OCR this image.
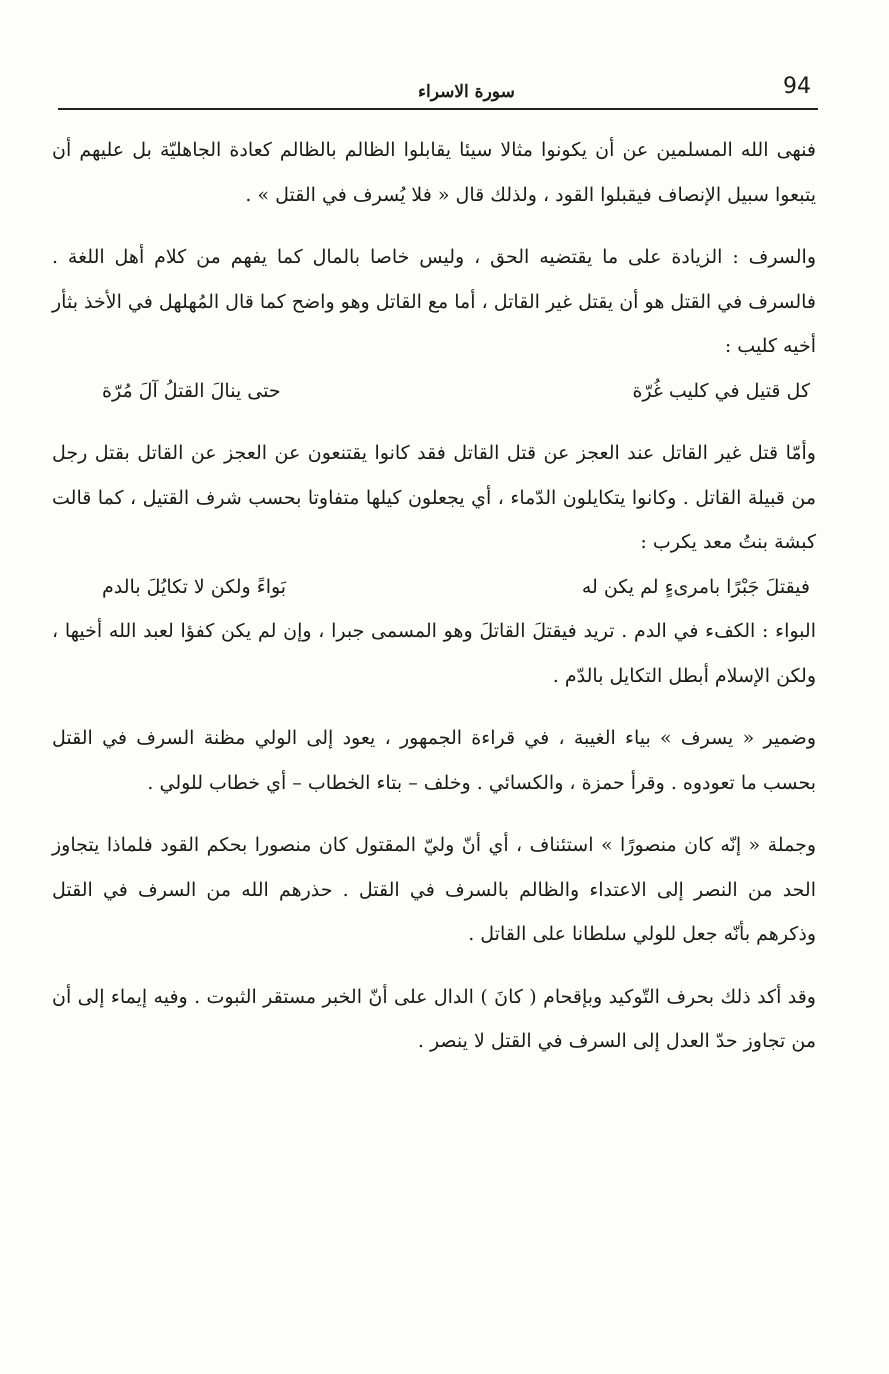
94
سورة الاسراء

فنهى الله المسلمين عن أن يكونوا مثالا سيئا يقابلوا الظالم بالظالم كعادة الجاهليّة بل عليهم أن يتبعوا سبيل الإنصاف فيقبلوا القود ، ولذلك قال « فلا يُسرف في القتل » .

والسرف : الزيادة على ما يقتضيه الحق ، وليس خاصا بالمال كما يفهم من كلام أهل اللغة . فالسرف في القتل هو أن يقتل غير القاتل ، أما مع القاتل وهو واضح كما قال المُهلهل في الأخذ بثأر أخيه كليب :

كل قتيل في كليب غُرّة
حتى ينالَ القتلُ آلَ مُرّة

وأمّا قتل غير القاتل عند العجز عن قتل القاتل فقد كانوا يقتنعون عن العجز عن القاتل بقتل رجل من قبيلة القاتل . وكانوا يتكايلون الدّماء ، أي يجعلون كيلها متفاوتا بحسب شرف القتيل ، كما قالت كبشة بنتُ معد يكرب :

فيقتلَ جَبْرًا بامرىءٍ لم يكن له
بَواءً ولكن لا تكايُلَ بالدم

البواء : الكفء في الدم . تريد فيقتلَ القاتلَ وهو المسمى جبرا ، وإن لم يكن كفؤا لعبد الله أخيها ، ولكن الإسلام أبطل التكايل بالدّم .

وضمير « يسرف » بياء الغيبة ، في قراءة الجمهور ، يعود إلى الولي مظنة السرف في القتل بحسب ما تعودوه . وقرأ حمزة ، والكسائي . وخلف – بتاء الخطاب – أي خطاب للولي .

وجملة « إنّه كان منصورًا » استئناف ، أي أنّ وليّ المقتول كان منصورا بحكم القود فلماذا يتجاوز الحد من النصر إلى الاعتداء والظالم بالسرف في القتل . حذرهم الله من السرف في القتل وذكرهم بأنّه جعل للولي سلطانا على القاتل .

وقد أكد ذلك بحرف التّوكيد وبإقحام ( كانَ ) الدال على أنّ الخبر مستقر الثبوت . وفيه إيماء إلى أن من تجاوز حدّ العدل إلى السرف في القتل لا ينصر .
